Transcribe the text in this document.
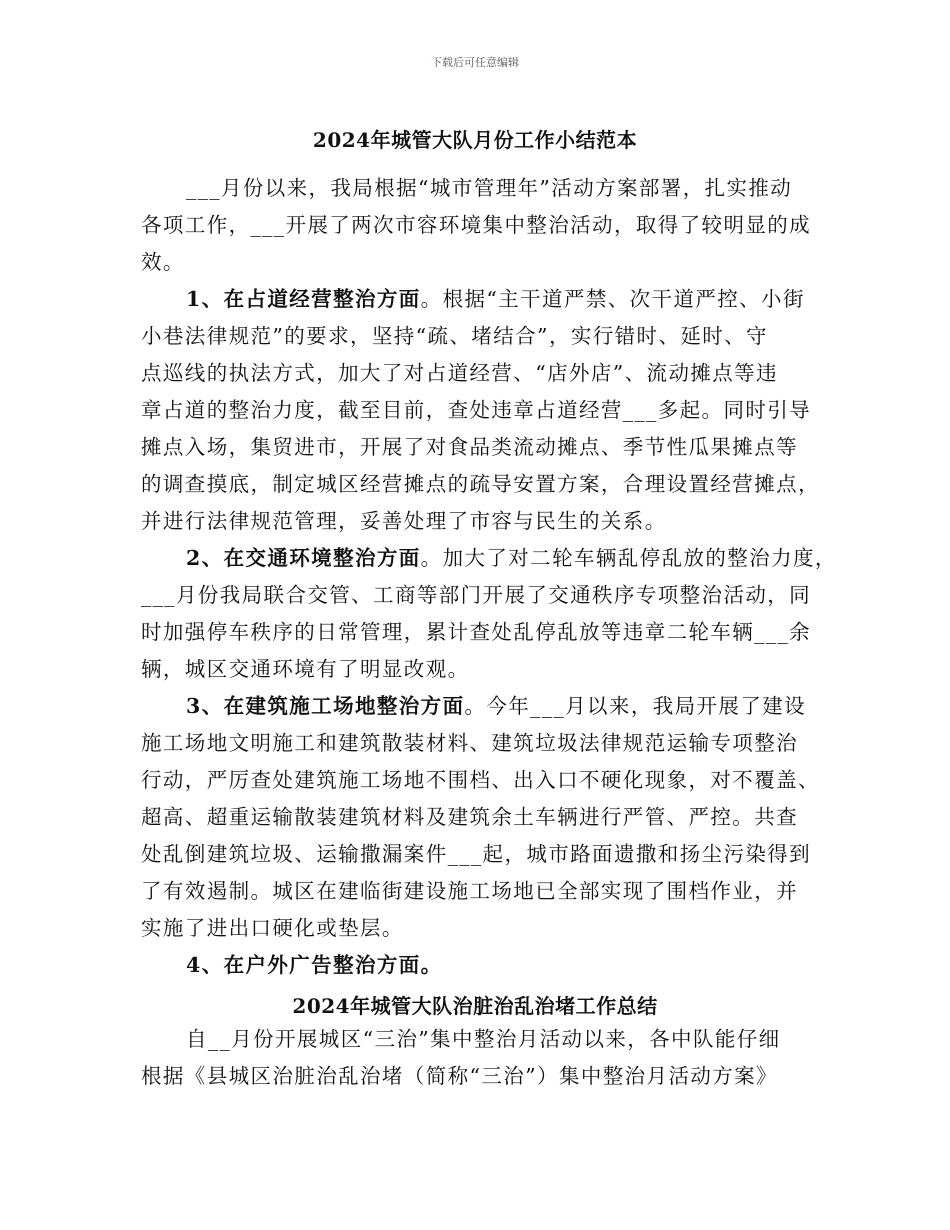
下载后可任意编辑
2024年城管大队月份工作小结范本
___月份以来，我局根据“城市管理年”活动方案部署，扎实推动
各项工作，___开展了两次市容环境集中整治活动，取得了较明显的成
效。
1、在占道经营整治方面。根据“主干道严禁、次干道严控、小街
小巷法律规范”的要求，坚持“疏、堵结合”，实行错时、延时、守
点巡线的执法方式，加大了对占道经营、“店外店”、流动摊点等违
章占道的整治力度，截至目前，查处违章占道经营___多起。同时引导
摊点入场，集贸进市，开展了对食品类流动摊点、季节性瓜果摊点等
的调查摸底，制定城区经营摊点的疏导安置方案，合理设置经营摊点，
并进行法律规范管理，妥善处理了市容与民生的关系。
2、在交通环境整治方面。加大了对二轮车辆乱停乱放的整治力度，
___月份我局联合交管、工商等部门开展了交通秩序专项整治活动，同
时加强停车秩序的日常管理，累计查处乱停乱放等违章二轮车辆___余
辆，城区交通环境有了明显改观。
3、在建筑施工场地整治方面。今年___月以来，我局开展了建设
施工场地文明施工和建筑散装材料、建筑垃圾法律规范运输专项整治
行动，严厉查处建筑施工场地不围档、出入口不硬化现象，对不覆盖、
超高、超重运输散装建筑材料及建筑余土车辆进行严管、严控。共查
处乱倒建筑垃圾、运输撒漏案件___起，城市路面遗撒和扬尘污染得到
了有效遏制。城区在建临街建设施工场地已全部实现了围档作业，并
实施了进出口硬化或垫层。
4、在户外广告整治方面。
2024年城管大队治脏治乱治堵工作总结
自__月份开展城区“三治”集中整治月活动以来，各中队能仔细
根据《县城区治脏治乱治堵（简称“三治”）集中整治月活动方案》
